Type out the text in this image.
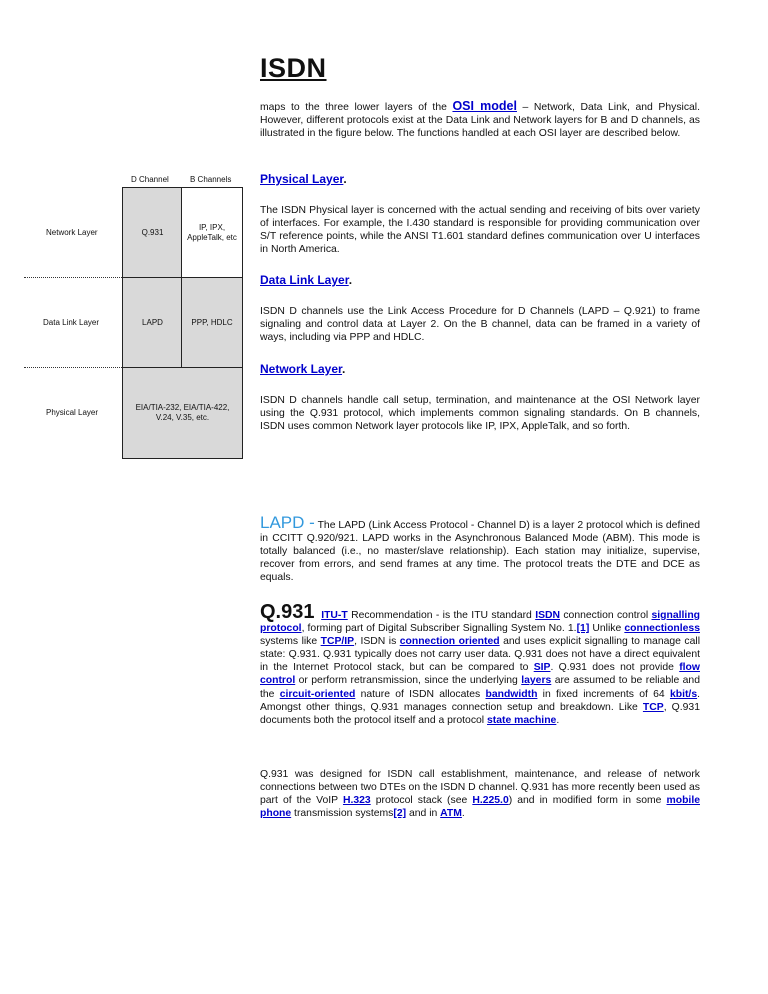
ISDN
maps to the three lower layers of the OSI model – Network, Data Link, and Physical. However, different protocols exist at the Data Link and Network layers for B and D channels, as illustrated in the figure below. The functions handled at each OSI layer are described below.
D Channel	B Channels
Network Layer
Data Link Layer
Physical Layer
Q.931
IP, IPX,
AppleTalk, etc
LAPD	PPP, HDLC
EIA/TIA-232, EIA/TIA-422,
V.24, V.35, etc.
Physical Layer.
The ISDN Physical layer is concerned with the actual sending and receiving of bits over variety of interfaces. For example, the I.430 standard is responsible for providing communication over S/T reference points, while the ANSI T1.601 standard defines communication over U interfaces in North America.
Data Link Layer.
ISDN D channels use the Link Access Procedure for D Channels (LAPD – Q.921) to frame signaling and control data at Layer 2. On the B channel, data can be framed in a variety of ways, including via PPP and HDLC.
Network Layer.
ISDN D channels handle call setup, termination, and maintenance at the OSI Network layer using the Q.931 protocol, which implements common signaling standards. On B channels, ISDN uses common Network layer protocols like IP, IPX, AppleTalk, and so forth.
LAPD - The LAPD (Link Access Protocol - Channel D) is a layer 2 protocol which is defined in CCITT Q.920/921. LAPD works in the Asynchronous Balanced Mode (ABM). This mode is totally balanced (i.e., no master/slave relationship). Each station may initialize, supervise, recover from errors, and send frames at any time. The protocol treats the DTE and DCE as equals.
Q.931 ITU-T Recommendation - is the ITU standard ISDN connection control signalling protocol, forming part of Digital Subscriber Signalling System No. 1.[1] Unlike connectionless systems like TCP/IP, ISDN is connection oriented and uses explicit signalling to manage call state: Q.931. Q.931 typically does not carry user data. Q.931 does not have a direct equivalent in the Internet Protocol stack, but can be compared to SIP. Q.931 does not provide flow control or perform retransmission, since the underlying layers are assumed to be reliable and the circuit-oriented nature of ISDN allocates bandwidth in fixed increments of 64 kbit/s. Amongst other things, Q.931 manages connection setup and breakdown. Like TCP, Q.931 documents both the protocol itself and a protocol state machine.
Q.931 was designed for ISDN call establishment, maintenance, and release of network connections between two DTEs on the ISDN D channel. Q.931 has more recently been used as part of the VoIP H.323 protocol stack (see H.225.0) and in modified form in some mobile phone transmission systems[2] and in ATM.
